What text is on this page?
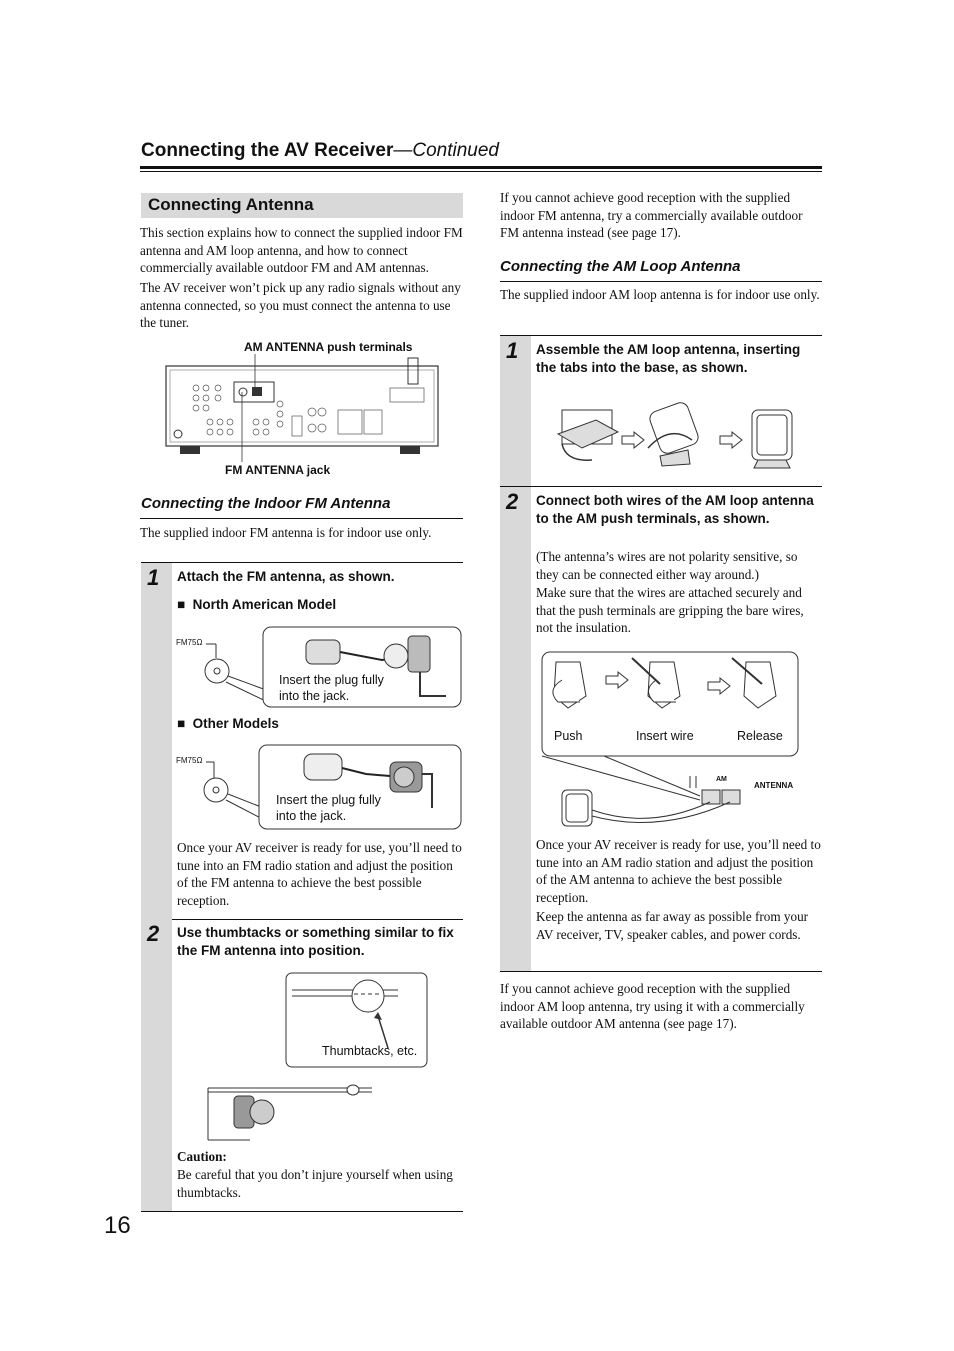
Connecting the AV Receiver—Continued
Connecting Antenna
This section explains how to connect the supplied indoor FM antenna and AM loop antenna, and how to connect commercially available outdoor FM and AM antennas.
The AV receiver won’t pick up any radio signals without any antenna connected, so you must connect the antenna to use the tuner.
AM ANTENNA push terminals
FM ANTENNA jack
Connecting the Indoor FM Antenna
The supplied indoor FM antenna is for indoor use only.
1 Attach the FM antenna, as shown.
■  North American Model
FM75Ω
Insert the plug fully into the jack.
■  Other Models
FM75Ω
Insert the plug fully into the jack.
Once your AV receiver is ready for use, you’ll need to tune into an FM radio station and adjust the position of the FM antenna to achieve the best possible reception.
2 Use thumbtacks or something similar to fix the FM antenna into position.
Thumbtacks, etc.
Caution:
Be careful that you don’t injure yourself when using thumbtacks.
If you cannot achieve good reception with the supplied indoor FM antenna, try a commercially available outdoor FM antenna instead (see page 17).
Connecting the AM Loop Antenna
The supplied indoor AM loop antenna is for indoor use only.
1 Assemble the AM loop antenna, inserting the tabs into the base, as shown.
2 Connect both wires of the AM loop antenna to the AM push terminals, as shown.
(The antenna’s wires are not polarity sensitive, so they can be connected either way around.)
Make sure that the wires are attached securely and that the push terminals are gripping the bare wires, not the insulation.
Push	Insert wire	Release
AM
ANTENNA
Once your AV receiver is ready for use, you’ll need to tune into an AM radio station and adjust the position of the AM antenna to achieve the best possible reception.
Keep the antenna as far away as possible from your AV receiver, TV, speaker cables, and power cords.
If you cannot achieve good reception with the supplied indoor AM loop antenna, try using it with a commercially available outdoor AM antenna (see page 17).
16
